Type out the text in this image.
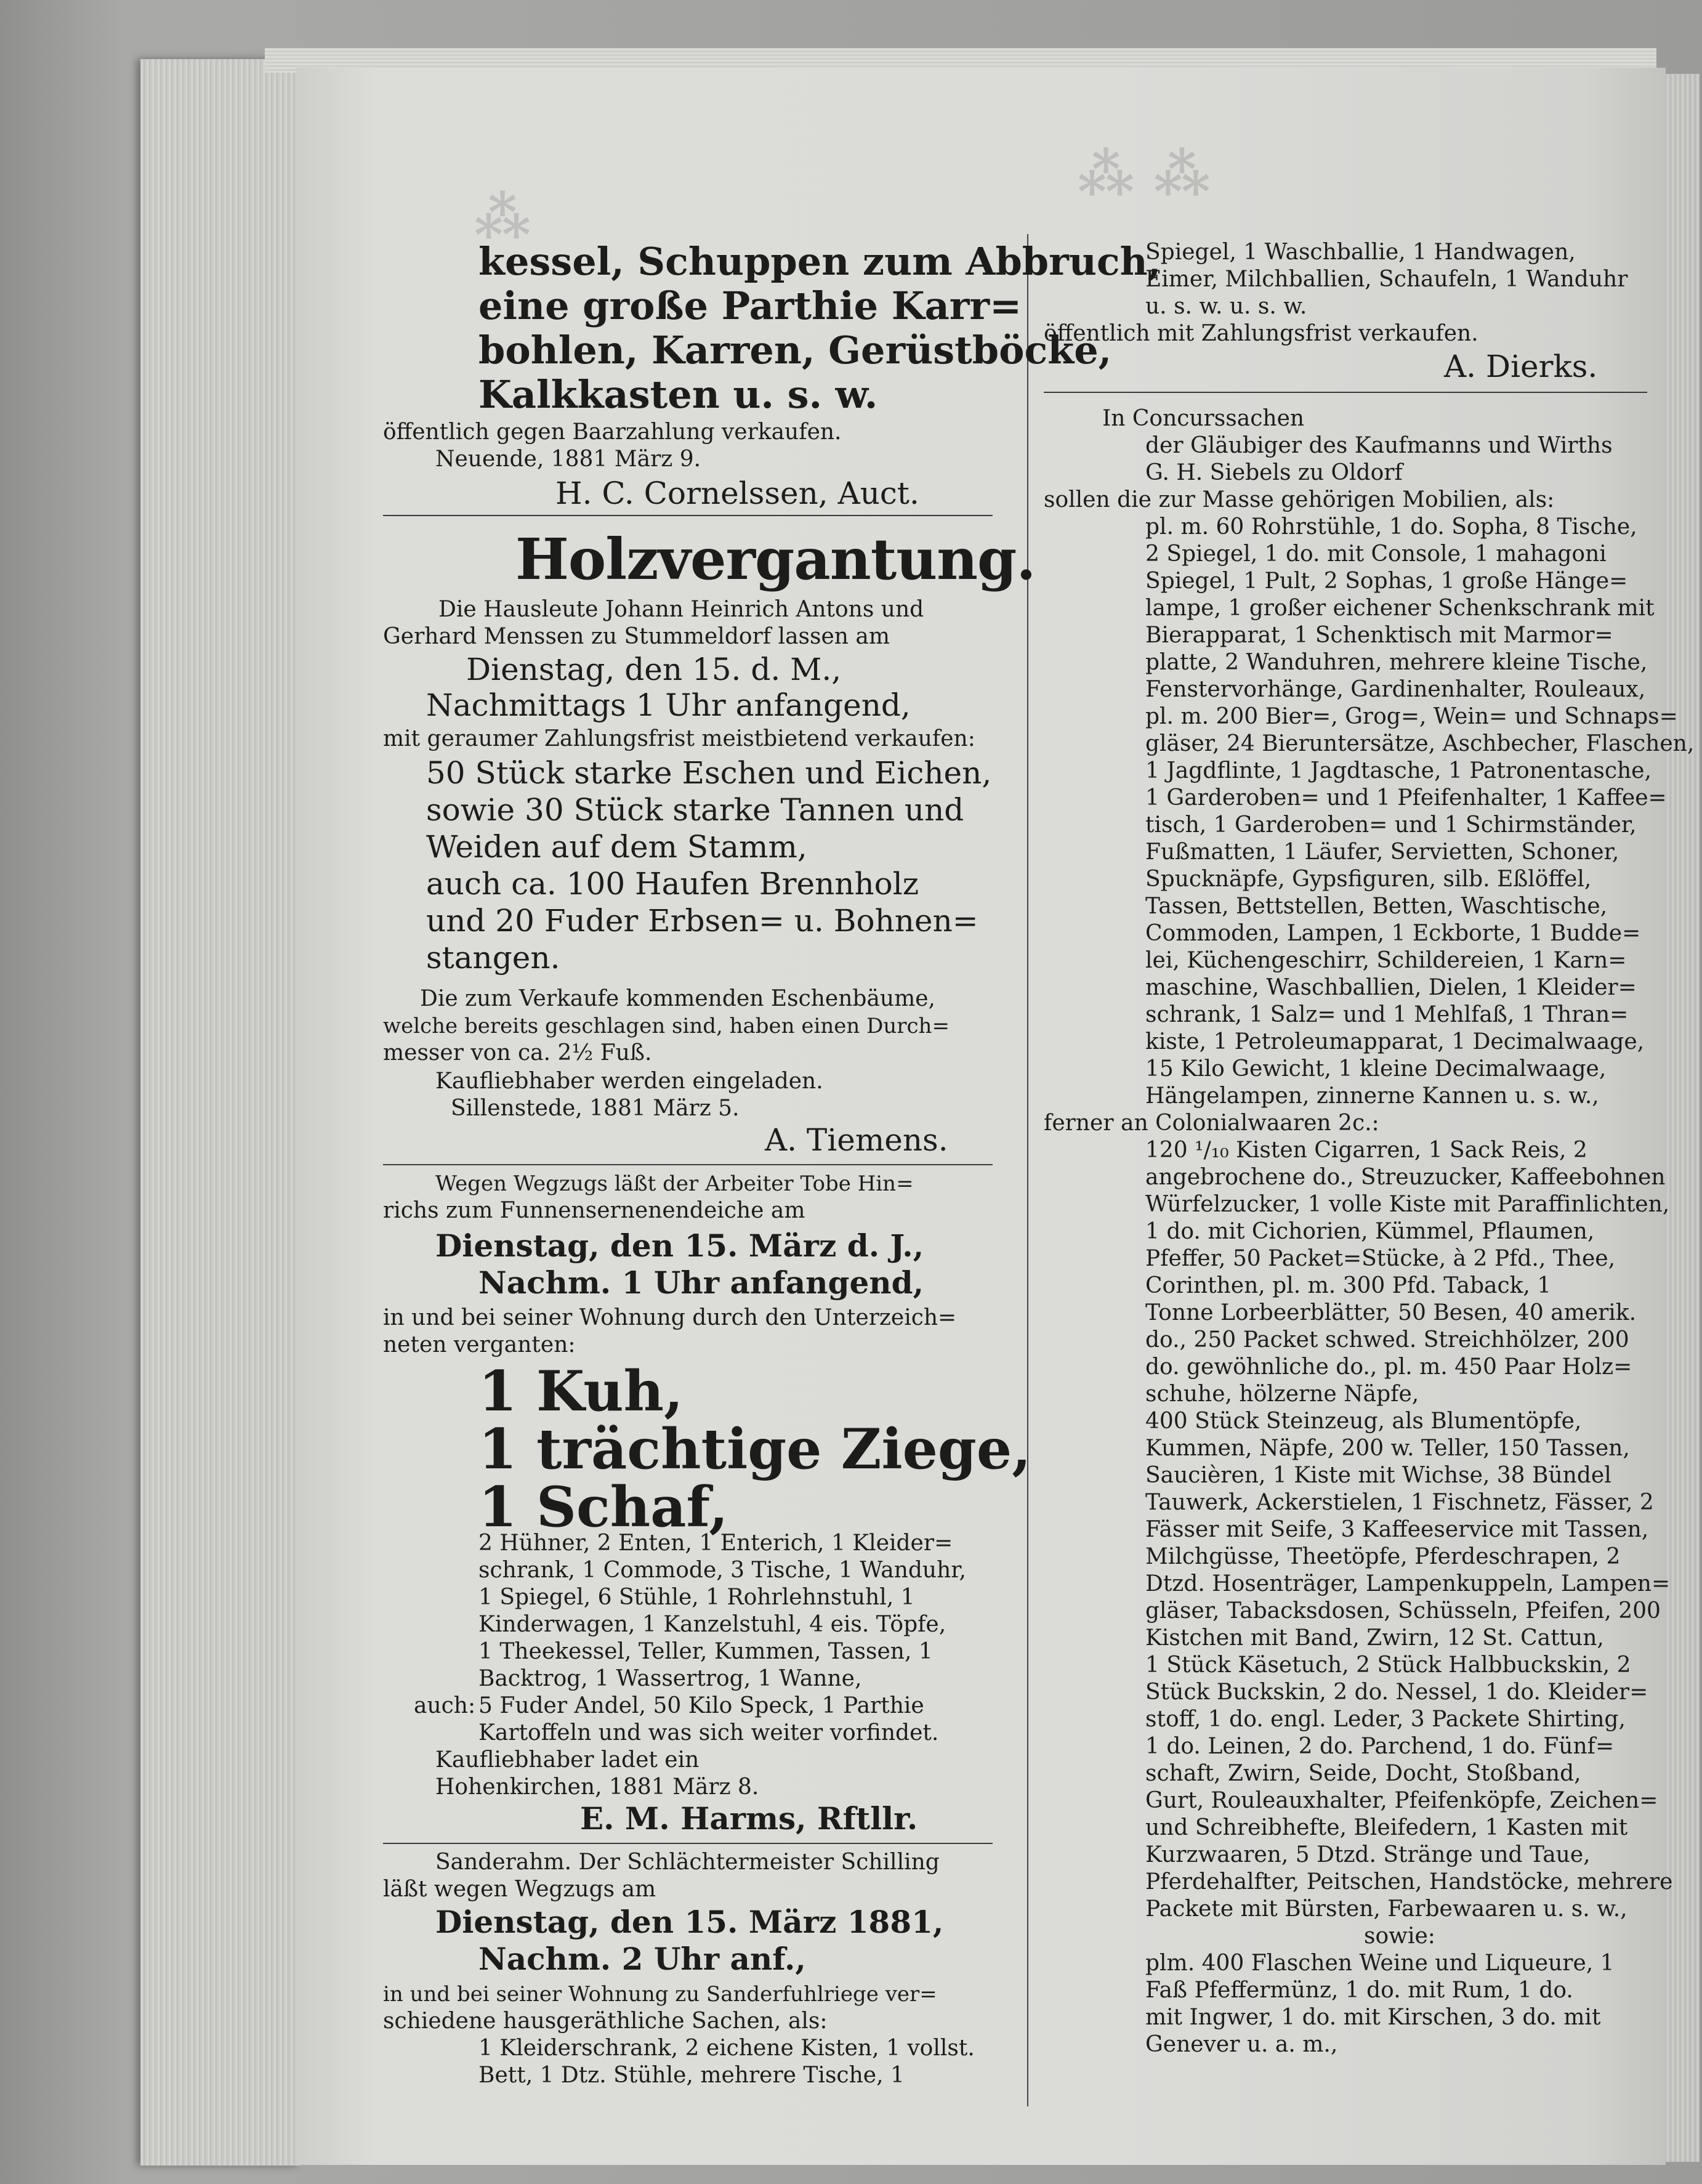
⁂ ⁂
⁂
kessel, Schuppen zum Abbruch,
eine große Parthie Karr=
bohlen, Karren, Gerüstböcke,
Kalkkasten u. s. w.
öffentlich gegen Baarzahlung verkaufen.
Neuende, 1881 März 9.
H. C. Cornelssen, Auct.
Holzvergantung.
Die Hausleute Johann Heinrich Antons und
Gerhard Menssen zu Stummeldorf lassen am
Dienstag, den 15. d. M.,
Nachmittags 1 Uhr anfangend,
mit geraumer Zahlungsfrist meistbietend verkaufen:
50 Stück starke Eschen und Eichen,
sowie 30 Stück starke Tannen und
Weiden auf dem Stamm,
auch ca. 100 Haufen Brennholz
und 20 Fuder Erbsen= u. Bohnen=
stangen.
Die zum Verkaufe kommenden Eschenbäume,
welche bereits geschlagen sind, haben einen Durch=
messer von ca. 2½ Fuß.
Kaufliebhaber werden eingeladen.
Sillenstede, 1881 März 5.
A. Tiemens.
Wegen Wegzugs läßt der Arbeiter Tobe Hin=
richs zum Funnensernenendeiche am
Dienstag, den 15. März d. J.,
Nachm. 1 Uhr anfangend,
in und bei seiner Wohnung durch den Unterzeich=
neten verganten:
1 Kuh,
1 trächtige Ziege,
1 Schaf,
2 Hühner, 2 Enten, 1 Enterich, 1 Kleider=
schrank, 1 Commode, 3 Tische, 1 Wanduhr,
1 Spiegel, 6 Stühle, 1 Rohrlehnstuhl, 1
Kinderwagen, 1 Kanzelstuhl, 4 eis. Töpfe,
1 Theekessel, Teller, Kummen, Tassen, 1
Backtrog, 1 Wassertrog, 1 Wanne,
auch: 5 Fuder Andel, 50 Kilo Speck, 1 Parthie
Kartoffeln und was sich weiter vorfindet.
Kaufliebhaber ladet ein
Hohenkirchen, 1881 März 8.
E. M. Harms, Rftllr.
Sanderahm. Der Schlächtermeister Schilling
läßt wegen Wegzugs am
Dienstag, den 15. März 1881,
Nachm. 2 Uhr anf.,
in und bei seiner Wohnung zu Sanderfuhlriege ver=
schiedene hausgeräthliche Sachen, als:
1 Kleiderschrank, 2 eichene Kisten, 1 vollst.
Bett, 1 Dtz. Stühle, mehrere Tische, 1
Spiegel, 1 Waschballie, 1 Handwagen,
Eimer, Milchballien, Schaufeln, 1 Wanduhr
u. s. w. u. s. w.
öffentlich mit Zahlungsfrist verkaufen.
A. Dierks.
In Concurssachen
der Gläubiger des Kaufmanns und Wirths
G. H. Siebels zu Oldorf
sollen die zur Masse gehörigen Mobilien, als:
pl. m. 60 Rohrstühle, 1 do. Sopha, 8 Tische,
2 Spiegel, 1 do. mit Console, 1 mahagoni
Spiegel, 1 Pult, 2 Sophas, 1 große Hänge=
lampe, 1 großer eichener Schenkschrank mit
Bierapparat, 1 Schenktisch mit Marmor=
platte, 2 Wanduhren, mehrere kleine Tische,
Fenstervorhänge, Gardinenhalter, Rouleaux,
pl. m. 200 Bier=, Grog=, Wein= und Schnaps=
gläser, 24 Bieruntersätze, Aschbecher, Flaschen,
1 Jagdflinte, 1 Jagdtasche, 1 Patronentasche,
1 Garderoben= und 1 Pfeifenhalter, 1 Kaffee=
tisch, 1 Garderoben= und 1 Schirmständer,
Fußmatten, 1 Läufer, Servietten, Schoner,
Spucknäpfe, Gypsfiguren, silb. Eßlöffel,
Tassen, Bettstellen, Betten, Waschtische,
Commoden, Lampen, 1 Eckborte, 1 Budde=
lei, Küchengeschirr, Schildereien, 1 Karn=
maschine, Waschballien, Dielen, 1 Kleider=
schrank, 1 Salz= und 1 Mehlfaß, 1 Thran=
kiste, 1 Petroleumapparat, 1 Decimalwaage,
15 Kilo Gewicht, 1 kleine Decimalwaage,
Hängelampen, zinnerne Kannen u. s. w.,
ferner an Colonialwaaren 2c.:
120 ¹/₁₀ Kisten Cigarren, 1 Sack Reis, 2
angebrochene do., Streuzucker, Kaffeebohnen
Würfelzucker, 1 volle Kiste mit Paraffinlichten,
1 do. mit Cichorien, Kümmel, Pflaumen,
Pfeffer, 50 Packet=Stücke, à 2 Pfd., Thee,
Corinthen, pl. m. 300 Pfd. Taback, 1
Tonne Lorbeerblätter, 50 Besen, 40 amerik.
do., 250 Packet schwed. Streichhölzer, 200
do. gewöhnliche do., pl. m. 450 Paar Holz=
schuhe, hölzerne Näpfe,
400 Stück Steinzeug, als Blumentöpfe,
Kummen, Näpfe, 200 w. Teller, 150 Tassen,
Saucièren, 1 Kiste mit Wichse, 38 Bündel
Tauwerk, Ackerstielen, 1 Fischnetz, Fässer, 2
Fässer mit Seife, 3 Kaffeeservice mit Tassen,
Milchgüsse, Theetöpfe, Pferdeschrapen, 2
Dtzd. Hosenträger, Lampenkuppeln, Lampen=
gläser, Tabacksdosen, Schüsseln, Pfeifen, 200
Kistchen mit Band, Zwirn, 12 St. Cattun,
1 Stück Käsetuch, 2 Stück Halbbuckskin, 2
Stück Buckskin, 2 do. Nessel, 1 do. Kleider=
stoff, 1 do. engl. Leder, 3 Packete Shirting,
1 do. Leinen, 2 do. Parchend, 1 do. Fünf=
schaft, Zwirn, Seide, Docht, Stoßband,
Gurt, Rouleauxhalter, Pfeifenköpfe, Zeichen=
und Schreibhefte, Bleifedern, 1 Kasten mit
Kurzwaaren, 5 Dtzd. Stränge und Taue,
Pferdehalfter, Peitschen, Handstöcke, mehrere
Packete mit Bürsten, Farbewaaren u. s. w.,
sowie:
plm. 400 Flaschen Weine und Liqueure, 1
Faß Pfeffermünz, 1 do. mit Rum, 1 do.
mit Ingwer, 1 do. mit Kirschen, 3 do. mit
Genever u. a. m.,
